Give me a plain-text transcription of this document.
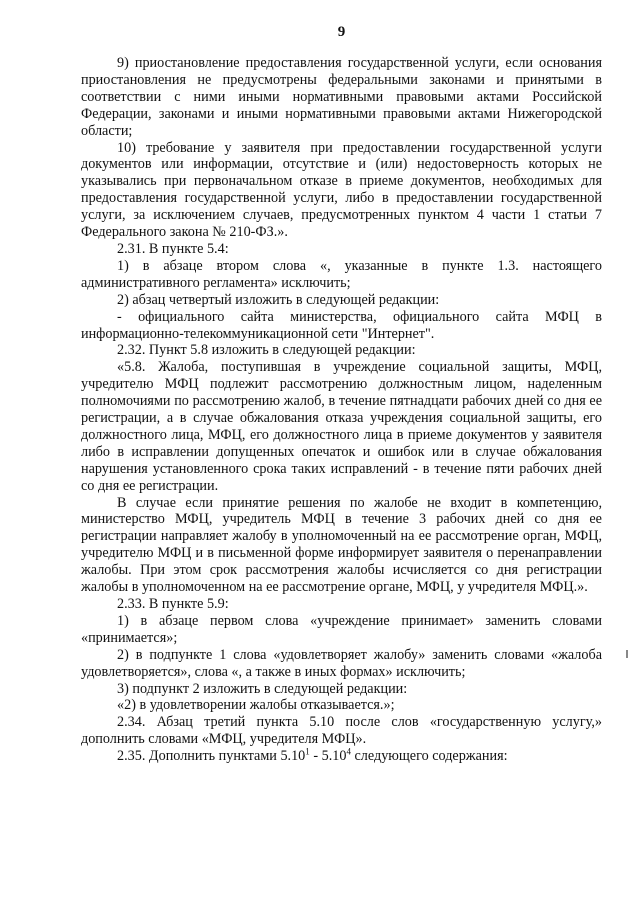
9

9) приостановление предоставления государственной услуги, если основания приостановления не предусмотрены федеральными законами и принятыми в соответствии с ними иными нормативными правовыми актами Российской Федерации, законами и иными нормативными правовыми актами Нижегородской области;

10) требование у заявителя при предоставлении государственной услуги документов или информации, отсутствие и (или) недостоверность которых не указывались при первоначальном отказе в приеме документов, необходимых для предоставления государственной услуги, либо в предоставлении государственной услуги, за исключением случаев, предусмотренных пунктом 4 части 1 статьи 7 Федерального закона № 210-ФЗ.».

2.31. В пункте 5.4:

1) в абзаце втором слова «, указанные в пункте 1.3. настоящего административного регламента» исключить;

2) абзац четвертый изложить в следующей редакции:

- официального сайта министерства, официального сайта МФЦ в информационно-телекоммуникационной сети "Интернет".

2.32. Пункт 5.8 изложить в следующей редакции:

«5.8. Жалоба, поступившая в учреждение социальной защиты, МФЦ, учредителю МФЦ подлежит рассмотрению должностным лицом, наделенным полномочиями по рассмотрению жалоб, в течение пятнадцати рабочих дней со дня ее регистрации, а в случае обжалования отказа учреждения социальной защиты, его должностного лица, МФЦ, его должностного лица в приеме документов у заявителя либо в исправлении допущенных опечаток и ошибок или в случае обжалования нарушения установленного срока таких исправлений - в течение пяти рабочих дней со дня ее регистрации.

В случае если принятие решения по жалобе не входит в компетенцию, министерство МФЦ, учредитель МФЦ в течение 3 рабочих дней со дня ее регистрации направляет жалобу в уполномоченный на ее рассмотрение орган, МФЦ, учредителю МФЦ и в письменной форме информирует заявителя о перенаправлении жалобы. При этом срок рассмотрения жалобы исчисляется со дня регистрации жалобы в уполномоченном на ее рассмотрение органе, МФЦ, у учредителя МФЦ.».

2.33. В пункте 5.9:

1) в абзаце первом слова «учреждение принимает» заменить словами «принимается»;

2) в подпункте 1 слова «удовлетворяет жалобу» заменить словами «жалоба удовлетворяется», слова «, а также в иных формах» исключить;

3) подпункт 2 изложить в следующей редакции:

«2) в удовлетворении жалобы отказывается.»;

2.34. Абзац третий пункта 5.10 после слов «государственную услугу,» дополнить словами «МФЦ, учредителя МФЦ».

2.35. Дополнить пунктами 5.10$^1$ - 5.10$^4$ следующего содержания:
